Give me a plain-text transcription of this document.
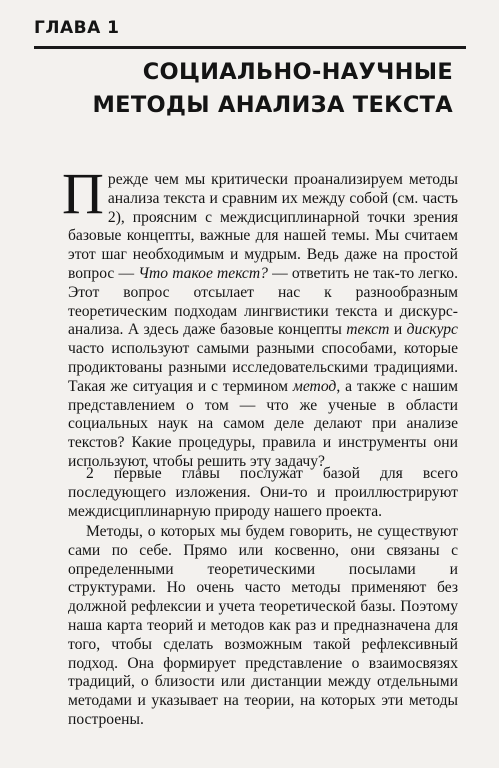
ГЛАВА 1
СОЦИАЛЬНО-НАУЧНЫЕ
МЕТОДЫ АНАЛИЗА ТЕКСТА

Прежде чем мы критически проанализируем методы анализа текста и сравним их между собой (см. часть 2), проясним с междисциплинарной точки зрения базовые концепты, важные для нашей темы. Мы считаем этот шаг необходимым и мудрым. Ведь даже на простой вопрос — Что такое текст? — ответить не так-то легко. Этот вопрос отсылает нас к разнообразным теоретическим подходам лингвистики текста и дискурс-анализа. А здесь даже базовые концепты текст и дискурс часто используют самыми разными способами, которые продиктованы разными исследовательскими традициями. Такая же ситуация и с термином метод, а также с нашим представлением о том — что же ученые в области социальных наук на самом деле делают при анализе текстов? Какие процедуры, правила и инструменты они используют, чтобы решить эту задачу?

2 первые главы послужат базой для всего последующего изложения. Они-то и проиллюстрируют междисциплинарную природу нашего проекта.

Методы, о которых мы будем говорить, не существуют сами по себе. Прямо или косвенно, они связаны с определенными теоретическими посылами и структурами. Но очень часто методы применяют без должной рефлексии и учета теоретической базы. Поэтому наша карта теорий и методов как раз и предназначена для того, чтобы сделать возможным такой рефлексивный подход. Она формирует представление о взаимосвязях традиций, о близости или дистанции между отдельными методами и указывает на теории, на которых эти методы построены.
